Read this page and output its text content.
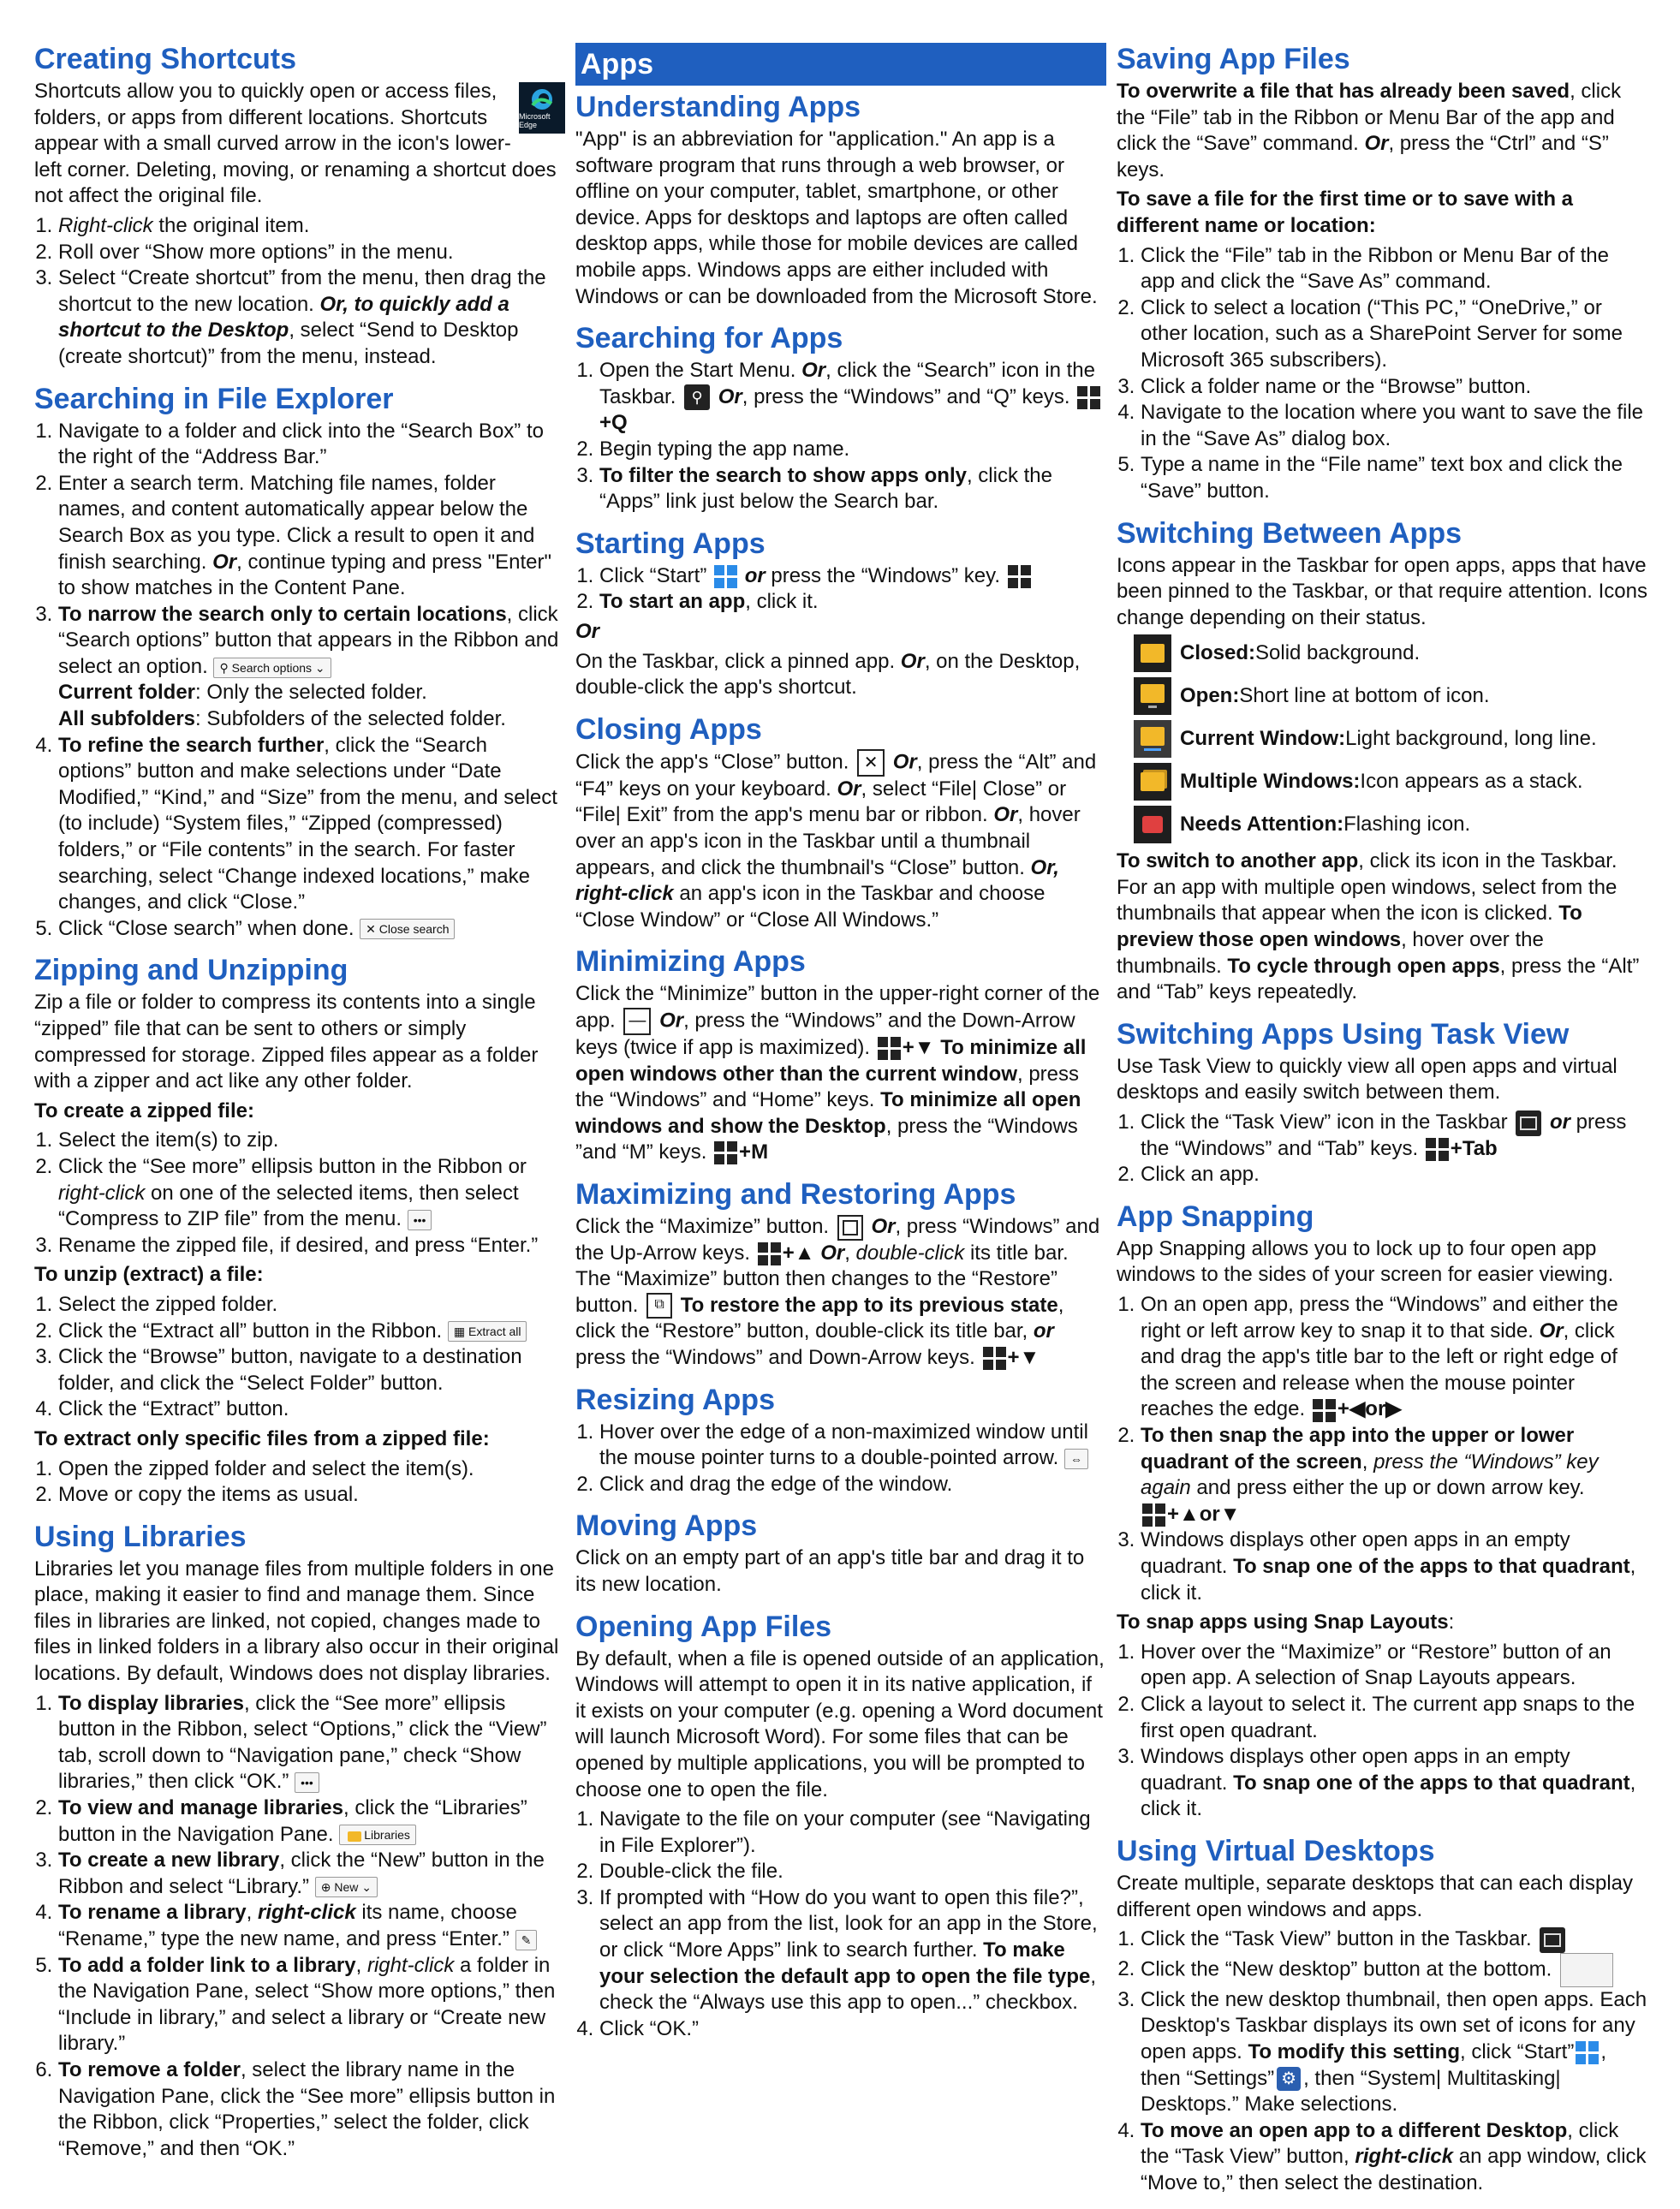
Creating Shortcuts
Microsoft Edge

Shortcuts allow you to quickly open or access files, folders, or apps from different locations. Shortcuts appear with a small curved arrow in the icon's lower-left corner. Deleting, moving, or renaming a shortcut does not affect the original file.

1. Right-click the original item.
2. Roll over “Show more options” in the menu.
3. Select “Create shortcut” from the menu, then drag the shortcut to the new location. Or, to quickly add a shortcut to the Desktop, select “Send to Desktop (create shortcut)” from the menu, instead.
Searching in File Explorer
1. Navigate to a folder and click into the “Search Box” to the right of the “Address Bar.”
2. Enter a search term. Matching file names, folder names, and content automatically appear below the Search Box as you type. Click a result to open it and finish searching. Or, continue typing and press "Enter" to show matches in the Content Pane.
3. To narrow the search only to certain locations, click “Search options” button that appears in the Ribbon and select an option. ⚲ Search options ⌄
Current folder: Only the selected folder.
All subfolders: Subfolders of the selected folder.
4. To refine the search further, click the “Search options” button and make selections under “Date Modified,” “Kind,” and “Size” from the menu, and select (to include) “System files,” “Zipped (compressed) folders,” or “File contents” in the search. For faster searching, select “Change indexed locations,” make changes, and click “Close.”
5. Click “Close search” when done. ✕ Close search
Zipping and Unzipping

Zip a file or folder to compress its contents into a single “zipped” file that can be sent to others or simply compressed for storage. Zipped files appear as a folder with a zipper and act like any other folder.

To create a zipped file:

1. Select the item(s) to zip.
2. Click the “See more” ellipsis button in the Ribbon or right-click on one of the selected items, then select “Compress to ZIP file” from the menu. •••
3. Rename the zipped file, if desired, and press “Enter.”

To unzip (extract) a file:

1. Select the zipped folder.
2. Click the “Extract all” button in the Ribbon. ▦ Extract all
3. Click the “Browse” button, navigate to a destination folder, and click the “Select Folder” button.
4. Click the “Extract” button.

To extract only specific files from a zipped file:

1. Open the zipped folder and select the item(s).
2. Move or copy the items as usual.
Using Libraries

Libraries let you manage files from multiple folders in one place, making it easier to find and manage them. Since files in libraries are linked, not copied, changes made to files in linked folders in a library also occur in their original locations. By default, Windows does not display libraries.

1. To display libraries, click the “See more” ellipsis button in the Ribbon, select “Options,” click the “View” tab, scroll down to “Navigation pane,” check “Show libraries,” then click “OK.” •••
2. To view and manage libraries, click the “Libraries” button in the Navigation Pane.	Libraries
3. To create a new library, click the “New” button in the Ribbon and select “Library.” ⊕ New ⌄
4. To rename a library, right-click its name, choose “Rename,” type the new name, and press “Enter.” ✎
5. To add a folder link to a library, right-click a folder in the Navigation Pane, select “Show more options,” then “Include in library,” and select a library or “Create new library.”
6. To remove a folder, select the library name in the Navigation Pane, click the “See more” ellipsis button in the Ribbon, click “Properties,” select the folder, click “Remove,” and then “OK.”
Apps
Understanding Apps

"App" is an abbreviation for "application." An app is a software program that runs through a web browser, or offline on your computer, tablet, smartphone, or other device. Apps for desktops and laptops are often called desktop apps, while those for mobile devices are called mobile apps. Windows apps are either included with Windows or can be downloaded from the Microsoft Store.

Searching for Apps
1. Open the Start Menu. Or, click the “Search” icon in the Taskbar. ⚲ Or, press the “Windows” and “Q” keys.
+Q
2. Begin typing the app name.
3. To filter the search to show apps only, click the “Apps” link just below the Search bar.
Starting Apps
1. Click “Start” or press the “Windows” key.
2. To start an app, click it.

Or

On the Taskbar, click a pinned app. Or, on the Desktop, double-click the app's shortcut.

Closing Apps

Click the app's “Close” button. ✕ Or, press the “Alt” and “F4” keys on your keyboard. Or, select “File| Close” or “File| Exit” from the app's menu bar or ribbon. Or, hover over an app's icon in the Taskbar until a thumbnail appears, and click the thumbnail's “Close” button. Or, right-click an app's icon in the Taskbar and choose “Close Window” or “Close All Windows.”

Minimizing Apps

Click the “Minimize” button in the upper-right corner of the app. — Or, press the “Windows” and the Down-Arrow keys (twice if app is maximized). +▼ To minimize all open windows other than the current window, press the “Windows” and “Home” keys. To minimize all open windows and show the Desktop, press the “Windows ”and “M” keys. +M

Maximizing and Restoring Apps

Click the “Maximize” button. Or, press “Windows” and the Up-Arrow keys. +▲ Or, double-click its title bar. The “Maximize” button then changes to the “Restore” button. ⧉ To restore the app to its previous state, click the “Restore” button, double-click its title bar, or press the “Windows” and Down-Arrow keys. +▼

Resizing Apps
1. Hover over the edge of a non-maximized window until the mouse pointer turns to a double-pointed arrow. ⇔
2. Click and drag the edge of the window.
Moving Apps

Click on an empty part of an app's title bar and drag it to its new location.

Opening App Files

By default, when a file is opened outside of an application, Windows will attempt to open it in its native application, if it exists on your computer (e.g. opening a Word document will launch Microsoft Word). For some files that can be opened by multiple applications, you will be prompted to choose one to open the file.

1. Navigate to the file on your computer (see “Navigating in File Explorer”).
2. Double-click the file.
3. If prompted with “How do you want to open this file?”, select an app from the list, look for an app in the Store, or click “More Apps” link to search further. To make your selection the default app to open the file type, check the “Always use this app to open...” checkbox.
4. Click “OK.”
Saving App Files

To overwrite a file that has already been saved, click the “File” tab in the Ribbon or Menu Bar of the app and click the “Save” command. Or, press the “Ctrl” and “S” keys.

To save a file for the first time or to save with a different name or location:

1. Click the “File” tab in the Ribbon or Menu Bar of the app and click the “Save As” command.
2. Click to select a location (“This PC,” “OneDrive,” or other location, such as a SharePoint Server for some Microsoft 365 subscribers).
3. Click a folder name or the “Browse” button.
4. Navigate to the location where you want to save the file in the “Save As” dialog box.
5. Type a name in the “File name” text box and click the “Save” button.
Switching Between Apps

Icons appear in the Taskbar for open apps, apps that have been pinned to the Taskbar, or that require attention. Icons change depending on their status.

Closed: Solid background.
Open: Short line at bottom of icon.
Current Window: Light background, long line.
Multiple Windows: Icon appears as a stack.
Needs Attention: Flashing icon.

To switch to another app, click its icon in the Taskbar. For an app with multiple open windows, select from the thumbnails that appear when the icon is clicked. To preview those open windows, hover over the thumbnails. To cycle through open apps, press the “Alt” and “Tab” keys repeatedly.

Switching Apps Using Task View

Use Task View to quickly view all open apps and virtual desktops and easily switch between them.

1. Click the “Task View” icon in the Taskbar or press the “Windows” and “Tab” keys. +Tab
2. Click an app.
App Snapping

App Snapping allows you to lock up to four open app windows to the sides of your screen for easier viewing.

1. On an open app, press the “Windows” and either the right or left arrow key to snap it to that side. Or, click and drag the app's title bar to the left or right edge of the screen and release when the mouse pointer reaches the edge. +◀or▶
2. To then snap the app into the upper or lower quadrant of the screen, press the “Windows” key again and press either the up or down arrow key.

+▲or▼
3. Windows displays other open apps in an empty quadrant. To snap one of the apps to that quadrant, click it.

To snap apps using Snap Layouts:

1. Hover over the “Maximize” or “Restore” button of an open app. A selection of Snap Layouts appears.
2. Click a layout to select it. The current app snaps to the first open quadrant.
3. Windows displays other open apps in an empty quadrant. To snap one of the apps to that quadrant, click it.
Using Virtual Desktops

Create multiple, separate desktops that can each display different open windows and apps.

1. Click the “Task View” button in the Taskbar.
2. Click the “New desktop” button at the bottom.
3. Click the new desktop thumbnail, then open apps. Each Desktop's Taskbar displays its own set of icons for any open apps. To modify this setting, click “Start” , then “Settings” ⚙ , then “System| Multitasking| Desktops.” Make selections.
4. To move an open app to a different Desktop, click the “Task View” button, right-click an app window, click “Move to,” then select the destination.
